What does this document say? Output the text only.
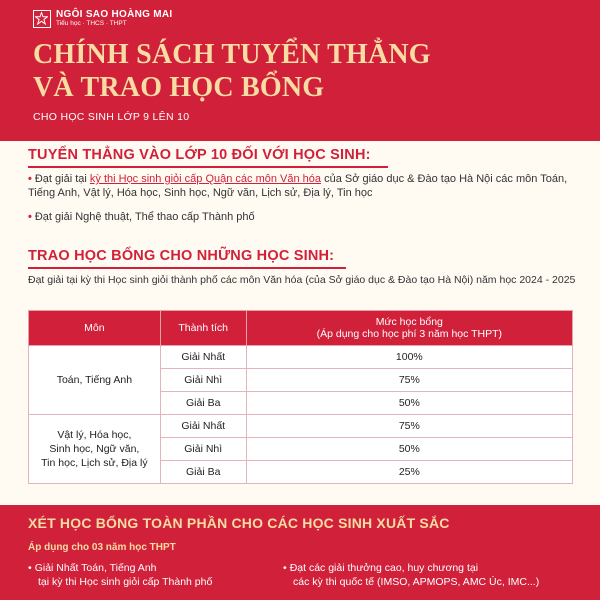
NGÔI SAO HOÀNG MAI
Tiểu học · THCS · THPT
CHÍNH SÁCH TUYỂN THẲNG
VÀ TRAO HỌC BỔNG
CHO HỌC SINH LỚP 9 LÊN 10
TUYỂN THẲNG VÀO LỚP 10 ĐỐI VỚI HỌC SINH:
• Đạt giải tại kỳ thi Học sinh giỏi cấp Quận các môn Văn hóa của Sở giáo dục & Đào tạo Hà Nội các môn Toán, Tiếng Anh, Vật lý, Hóa học, Sinh học, Ngữ văn, Lịch sử, Địa lý, Tin học
• Đạt giải Nghệ thuật, Thể thao cấp Thành phố
TRAO HỌC BỔNG CHO NHỮNG HỌC SINH:
Đạt giải tại kỳ thi Học sinh giỏi thành phố các môn Văn hóa (của Sở giáo dục & Đào tạo Hà Nội) năm học 2024 - 2025
Môn	Thành tích	Mức học bổng
(Áp dụng cho học phí 3 năm học THPT)

Toán, Tiếng Anh	Giải Nhất	100%
	Giải Nhì	75%
	Giải Ba	50%

Vật lý, Hóa học,
Sinh học, Ngữ văn,
Tin học, Lịch sử, Địa lý	Giải Nhất	75%
	Giải Nhì	50%
	Giải Ba	25%
XÉT HỌC BỔNG TOÀN PHẦN CHO CÁC HỌC SINH XUẤT SẮC
Áp dụng cho 03 năm học THPT
• Giải Nhất Toán, Tiếng Anh
tại kỳ thi Học sinh giỏi cấp Thành phố
• Đạt các giải thưởng cao, huy chương tại
các kỳ thi quốc tế (IMSO, APMOPS, AMC Úc, IMC...)
